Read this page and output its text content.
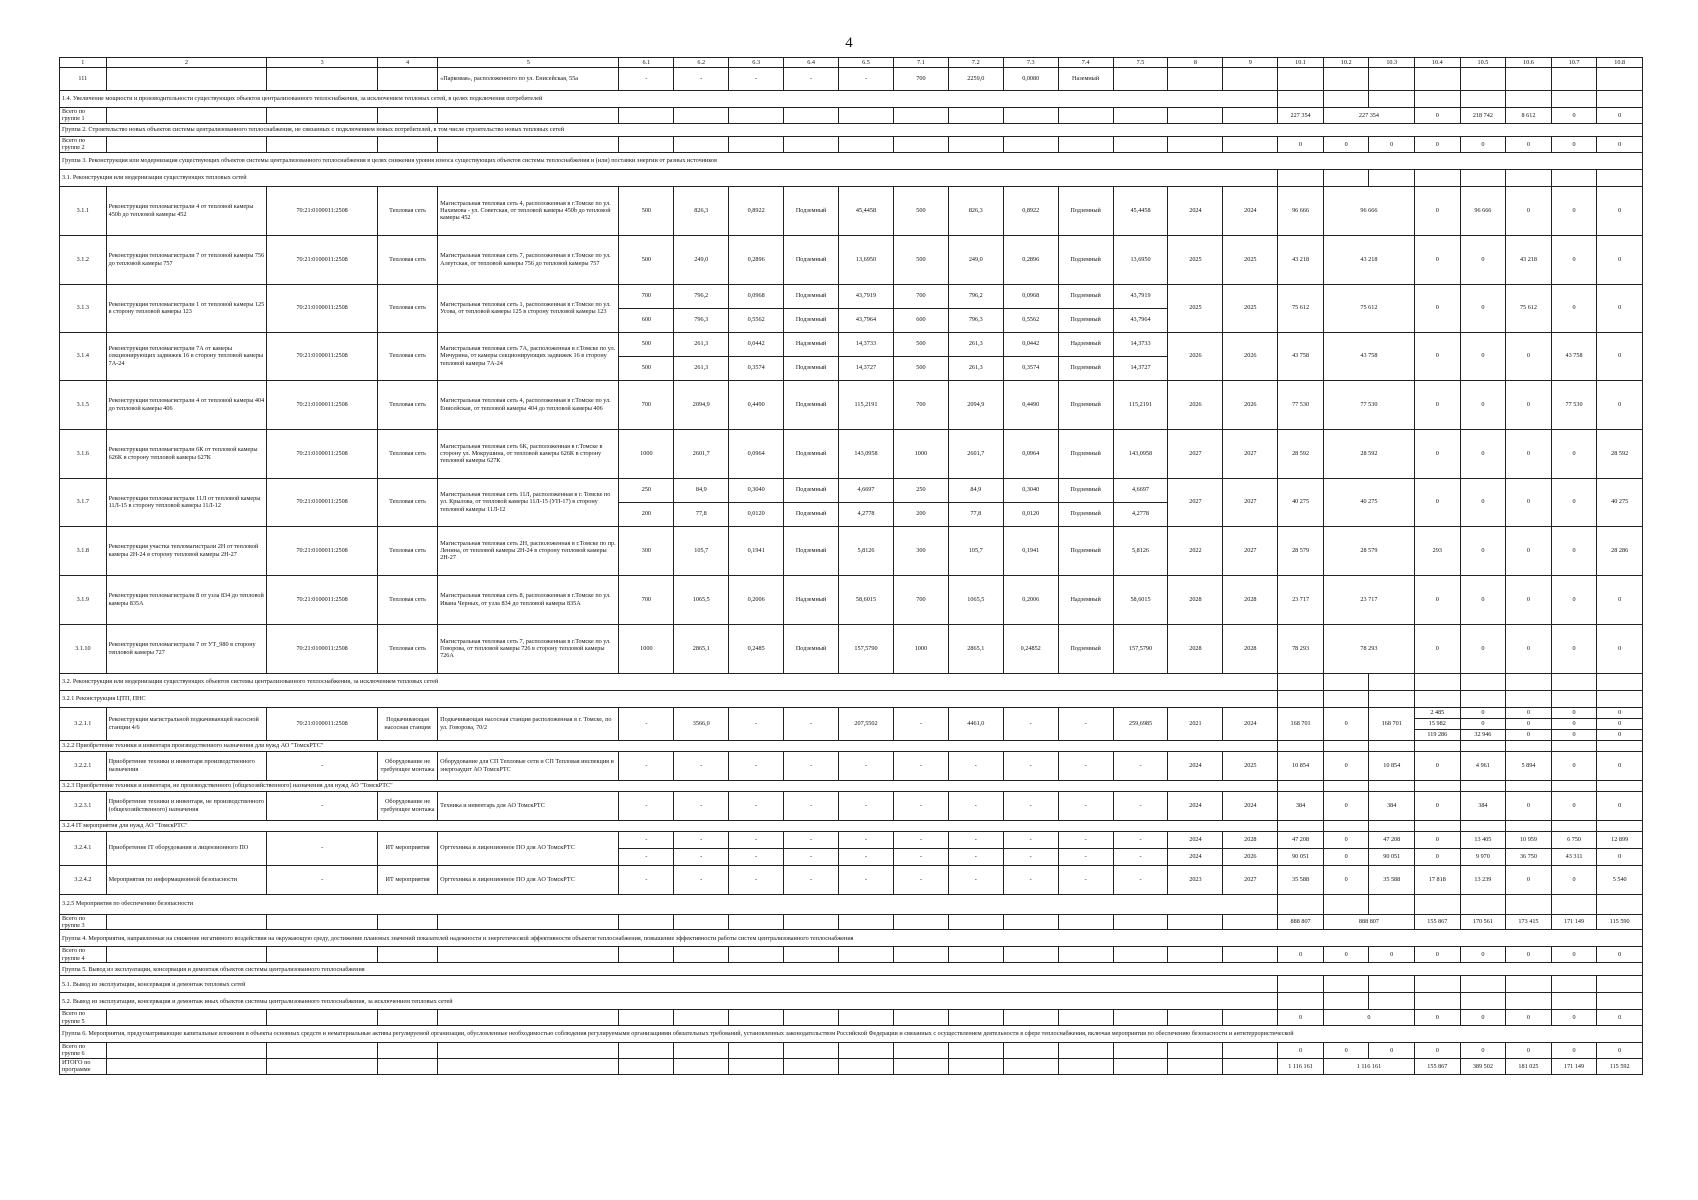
4
1	2	3	4	5	6.1	6.2	6.3	6.4	6.5	7.1	7.2	7.3	7.4	7.5	8	9	10.1	10.2	10.3	10.4	10.5	10.6	10.7	10.8
111				«Парковая», расположенного по ул. Енисейская, 55а	-	-	-	-	-	700	2259,0	0,0080	Наземный											
1.4. Увеличение мощности и производительности существующих объектов централизованного теплоснабжения, за исключением тепловых сетей, в целях подключения потребителей																								
Всего по группе 1																	227 354	227 354		0	218 742	8 612	0	0
Группа 2. Строительство новых объектов системы централизованного теплоснабжения, не связанных с подключением новых потребителей, в том числе строительство новых тепловых сетей																								
Всего по группе 2																	0	0	0	0	0	0	0	0
Группа 3. Реконструкция или модернизация существующих объектов системы централизованного теплоснабжения в целях снижения уровня износа существующих объектов системы теплоснабжения и (или) поставки энергии от разных источников																								
3.1. Реконструкция или модернизация существующих тепловых сетей																								
3.1.1	Реконструкция тепломагистрали 4 от тепловой камеры 450b до тепловой камеры 452	70:21:0100011:2508	Тепловая сеть	Магистральная тепловая сеть 4, расположенная в г.Томске по ул. Нахимова - ул. Советская, от тепловой камеры 450b до тепловой камеры 452	500	826,3	0,8922	Подземный	45,4458	500	826,3	0,8922	Подземный	45,4458	2024	2024	96 666	96 666		0	96 666	0	0	0
3.1.2	Реконструкция тепломагистрали 7 от тепловой камеры 756 до тепловой камеры 757	70:21:0100011:2508	Тепловая сеть	Магистральная тепловая сеть 7, расположенная в г.Томске по ул. Алеутская, от тепловой камеры 756 до тепловой камеры 757	500	249,0	0,2896	Подземный	13,6950	500	249,0	0,2896	Подземный	13,6950	2025	2025	43 218	43 218		0	0	43 218	0	0
3.1.3	Реконструкция тепломагистрали 1 от тепловой камеры 125 в сторону тепловой камеры 123	70:21:0100011:2508	Тепловая сеть	Магистральная тепловая сеть 1, расположенная в г.Томске по ул. Усова, от тепловой камеры 125 в сторону тепловой камеры 123	700	796,2	0,0968	Подземный	43,7919	700	796,2	0,0968	Подземный	43,7919	2025	2025	75 612	75 612		0	0	75 612	0	0
					600	796,3	0,5562	Подземный	43,7964	600	796,3	0,5562	Подземный	43,7964										
3.1.4	Реконструкция тепломагистрали 7А от камеры секционирующих задвижек 16 в сторону тепловой камеры 7А-24	70:21:0100011:2508	Тепловая сеть	Магистральная тепловая сеть 7А, расположенная в г.Томске по ул. Мичурина, от камеры секционирующих задвижек 16 в сторону тепловой камеры 7А-24	500	261,3	0,0442	Надземный	14,3733	500	261,3	0,0442	Надземный	14,3733	2026	2026	43 758	43 758		0	0	0	43 758	0
					500	261,3	0,3574	Подземный	14,3727	500	261,3	0,3574	Подземный	14,3727										
3.1.5	Реконструкция тепломагистрали 4 от тепловой камеры 404 до тепловой камеры 406	70:21:0100011:2508	Тепловая сеть	Магистральная тепловая сеть 4, расположенная в г.Томске по ул. Енисейская, от тепловой камеры 404 до тепловой камеры 406	700	2094,9	0,4490	Подземный	115,2191	700	2094,9	0,4490	Подземный	115,2191	2026	2026	77 530	77 530		0	0	0	77 530	0
3.1.6	Реконструкция тепломагистрали 6К от тепловой камеры 626К в сторону тепловой камеры 627К	70:21:0100011:2508	Тепловая сеть	Магистральная тепловая сеть 6К, расположенная в г.Томске в сторону ул. Мокрушина, от тепловой камеры 626К в сторону тепловой камеры 627К	1000	2601,7	0,0964	Подземный	143,0958	1000	2601,7	0,0964	Подземный	143,0958	2027	2027	28 592	28 592		0	0	0	0	28 592
3.1.7	Реконструкция тепломагистрали 11Л от тепловой камеры 11Л-15 в сторону тепловой камеры 11Л-12	70:21:0100011:2508	Тепловая сеть	Магистральная тепловая сеть 11Л, расположенная в г. Томске по ул. Крылова, от тепловой камеры 11Л-15 (УП-17) в сторону тепловой камеры 11Л-12	250	84,9	0,3040	Подземный	4,6697	250	84,9	0,3040	Подземный	4,6697	2027	2027	40 275	40 275		0	0	0	0	40 275
					200	77,8	0,0120	Подземный	4,2778	200	77,8	0,0120	Подземный	4,2778										
3.1.8	Реконструкция участка тепломагистрали 2Н от тепловой камеры 2Н-24 в сторону тепловой камеры 2Н-27	70:21:0100011:2508	Тепловая сеть	Магистральная тепловая сеть 2Н, расположенная в г.Томске по пр. Ленина, от тепловой камеры 2Н-24 в сторону тепловой камеры 2Н-27	300	105,7	0,1941	Подземный	5,8126	300	105,7	0,1941	Подземный	5,8126	2022	2027	28 579	28 579		293	0	0	0	28 286
3.1.9	Реконструкция тепломагистрали 8 от узла 834 до тепловой камеры 835А	70:21:0100011:2508	Тепловая сеть	Магистральная тепловая сеть 8, расположенная в г.Томске по ул. Ивана Черных, от узла 834 до тепловой камеры 835А	700	1065,5	0,2006	Надземный	58,6015	700	1065,5	0,2006	Надземный	58,6015	2028	2028	23 717	23 717		0	0	0	0	0
3.1.10	Реконструкция тепломагистрали 7 от УТ_980 в сторону тепловой камеры 727	70:21:0100011:2508	Тепловая сеть	Магистральная тепловая сеть 7, расположенная в г.Томске по ул. Говорова, от тепловой камеры 726 в сторону тепловой камеры 726А	1000	2865,1	0,2485	Подземный	157,5790	1000	2865,1	0,24852	Подземный	157,5790	2028	2028	78 293	78 293		0	0	0	0	0
3.2. Реконструкция или модернизация существующих объектов системы централизованного теплоснабжения, за исключением тепловых сетей																								
3.2.1 Реконструкция ЦТП, ПНС																								
3.2.1.1	Реконструкция магистральной подкачивающей насосной станции 4/6	70:21:0100011:2508	Подкачивающая насосная станция	Подкачивающая насосная станция расположенная в г. Томске, по ул. Говорова, 70/2	-	3566,0	-	-	207,5502	-	4461,0	-	-	259,6985	2021	2024	168 701	0	168 701	2 485	0	0	0	0
																				15 982	0	0	0	0
																				119 286	32 946	0	0	0
3.2.2 Приобретение техники и инвентаря производственного назначения для нужд АО "ТомскРТС"																								
3.2.2.1	Приобретение техники и инвентаря производственного назначения	-	Оборудование не требующее монтажа	Оборудование для СП Тепловые сети и СП Тепловая инспекция и энергоаудит АО ТомскРТС	-	-	-	-	-	-	-	-	-	-	2024	2025	10 854	0	10 854	0	4 961	5 894	0	0
3.2.3 Приобретение техники и инвентаря, не производственного (общехозяйственного) назначения для нужд АО "ТомскРТС"																								
3.2.3.1	Приобретение техники и инвентаря, не производственного (общехозяйственного) назначения	-	Оборудование не требующее монтажа	Техника и инвентарь для АО ТомскРТС	-	-	-	-	-	-	-	-	-	-	2024	2024	384	0	384	0	384	0	0	0
3.2.4 IT мероприятия для нужд АО "ТомскРТС"																								
3.2.4.1	Приобретение IT оборудования и лицензионного ПО	-	ИТ мероприятия	Оргтехника и лицензионное ПО для АО ТомскРТС	-	-	-	-	-	-	-	-	-	-	2024	2028	47 208	0	47 208	0	13 405	10 959	6 750	12 899
					-	-	-	-	-	-	-	-	-	-	2024	2026	90 051	0	90 051	0	9 970	36 750	43 311	0
3.2.4.2	Мероприятия по информационной безопасности	-	ИТ мероприятия	Оргтехника и лицензионное ПО для АО ТомскРТС	-	-	-	-	-	-	-	-	-	-	2023	2027	35 588	0	35 588	17 818	13 239	0	0	5 540
3.2.5 Мероприятия по обеспечению безопасности																								
Всего по группе 3																	888 807	888 807		155 867	170 561	173 415	171 149	115 590
Группа 4. Мероприятия, направленные на снижение негативного воздействия на окружающую среду, достижение плановых значений показателей надежности и энергетической эффективности объектов теплоснабжения, повышение эффективности работы систем централизованного теплоснабжения																								
Всего по группе 4																	0	0	0	0	0	0	0	0
Группа 5. Вывод из эксплуатации, консервация и демонтаж объектов системы централизованного теплоснабжения																								
5.1. Вывод из эксплуатации, консервация и демонтаж тепловых сетей																								
5.2. Вывод из эксплуатации, консервация и демонтаж иных объектов системы централизованного теплоснабжения, за исключением тепловых сетей																								
Всего по группе 5																	0	0		0	0	0	0	0
Группа 6. Мероприятия, предусматривающие капитальные вложения в объекты основных средств и нематериальные активы регулируемой организации, обусловленные необходимостью соблюдения регулируемыми организациями обязательных требований, установленных законодательством Российской Федерации и связанных с осуществлением деятельности в сфере теплоснабжения, включая мероприятия по обеспечению безопасности и антитеррористической																								
Всего по группе 6																	0	0	0	0	0	0	0	0
ИТОГО по программе																	1 116 161	1 116 161		155 867	389 502	181 025	171 149	115 592
